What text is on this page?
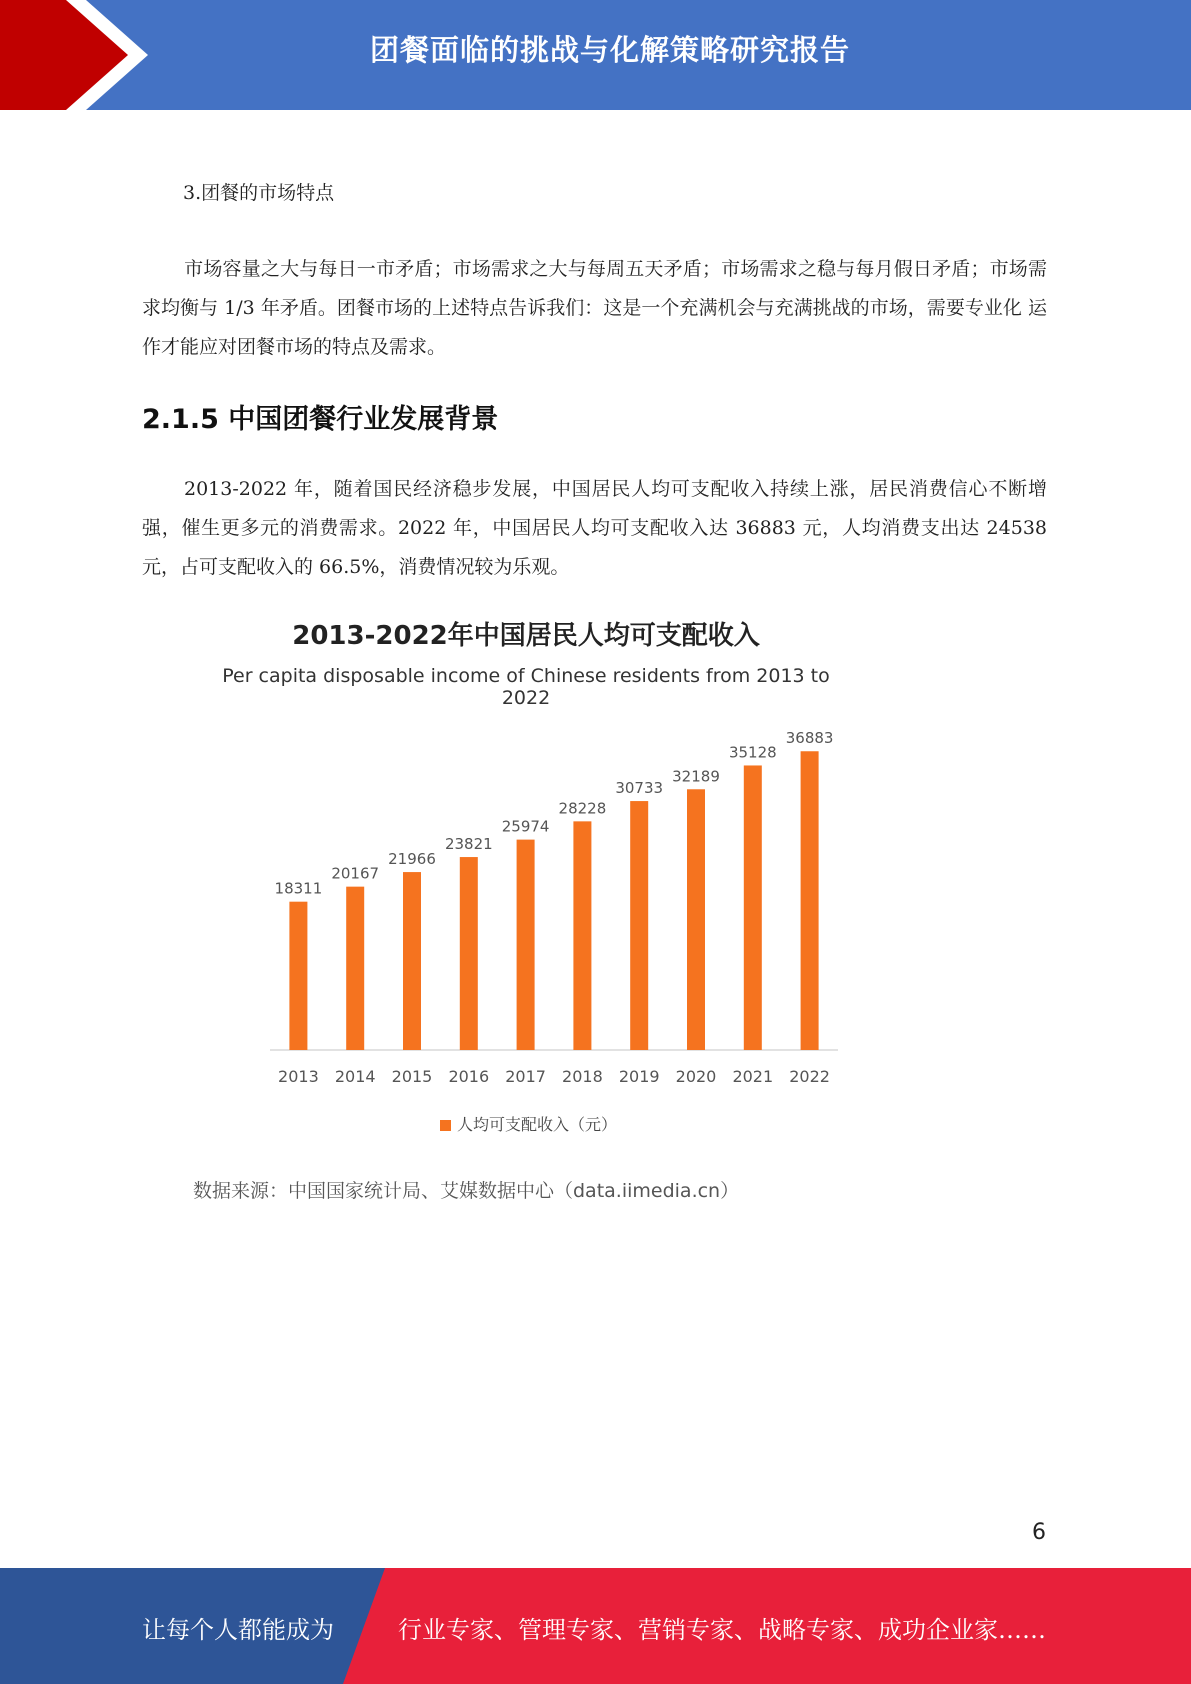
团餐面临的挑战与化解策略研究报告
3.团餐的市场特点
市场容量之大与每日一市矛盾；市场需求之大与每周五天矛盾；市场需求之稳与每月假日矛盾；市场需求均衡与 1/3 年矛盾。团餐市场的上述特点告诉我们：这是一个充满机会与充满挑战的市场，需要专业化 运作才能应对团餐市场的特点及需求。
2.1.5 中国团餐行业发展背景
2013-2022 年，随着国民经济稳步发展，中国居民人均可支配收入持续上涨，居民消费信心不断增强，催生更多元的消费需求。2022 年，中国居民人均可支配收入达 36883 元，人均消费支出达 24538 元，占可支配收入的 66.5%，消费情况较为乐观。
2013-2022年中国居民人均可支配收入
Per capita disposable income of Chinese residents from 2013 to 2022
18311
2013
20167
2014
21966
2015
23821
2016
25974
2017
28228
2018
30733
2019
32189
2020
35128
2021
36883
2022
人均可支配收入（元）
数据来源：中国国家统计局、艾媒数据中心（data.iimedia.cn）
6
让每个人都能成为	行业专家、管理专家、营销专家、战略专家、成功企业家……
